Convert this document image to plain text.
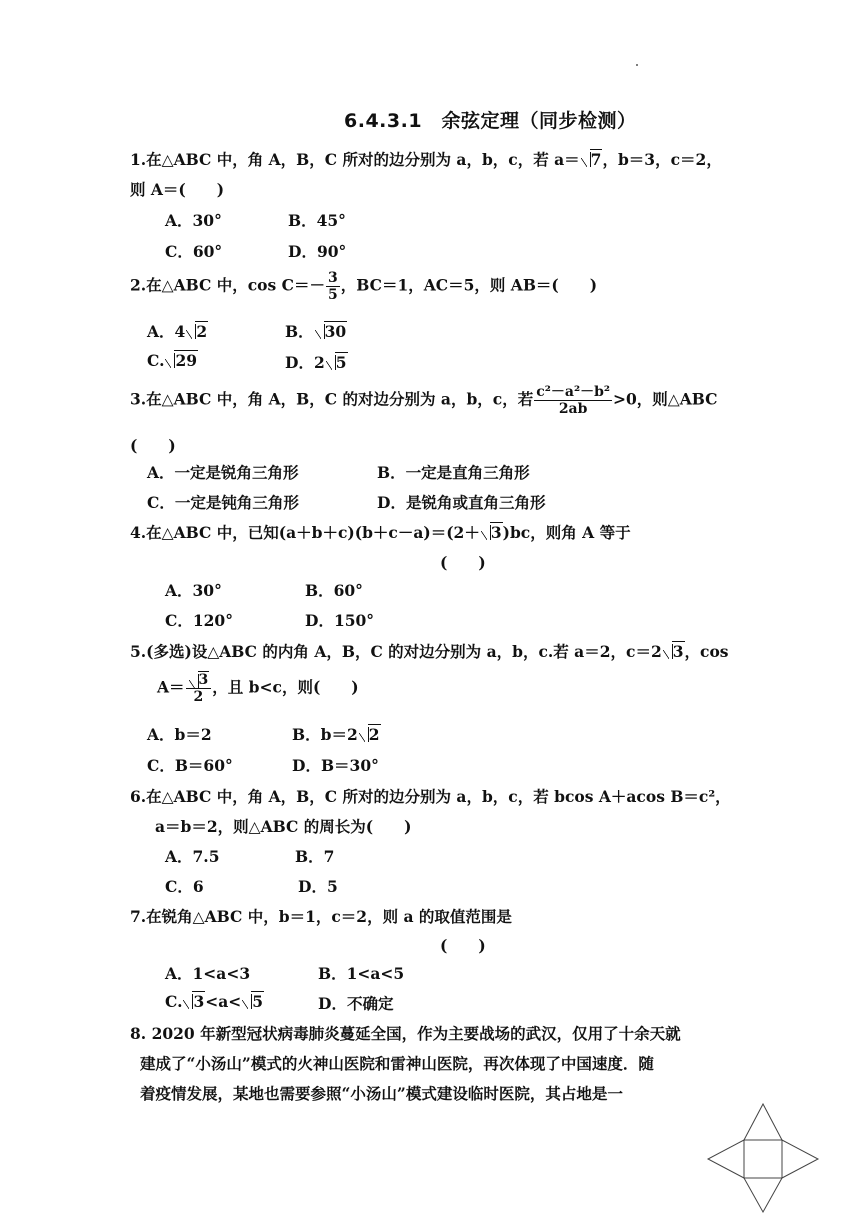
6.4.3.1　余弦定理（同步检测）
1.在△ABC 中，角 A，B，C 所对的边分别为 a，b，c，若 a＝ 7，b＝3，c＝2，
则 A＝(　　)
A．30°	B．45°
C．60°	D．90°
2.在△ABC 中，$\cos C=- \frac{3}{5}$ ，BC＝1，AC＝5，则 AB＝(　　)
A．4 2	B． 30
C. 29	D．2 5
3.在△ABC 中，角 A，B，C 的对边分别为 a，b，c，若 $\frac{\text{c²－a²－b²}}{2ab} >0$，则△ABC
(　　)
A．一定是锐角三角形	B．一定是直角三角形
C．一定是钝角三角形	D．是锐角或直角三角形
4.在△ABC 中，已知(a＋b＋c)(b＋c－a)＝(2＋ 3)bc，则角 A 等于
(　　)
A．30°	B．60°
C．120°	D．150°
5.(多选)设△ABC 的内角 A，B，C 的对边分别为 a，b，c.若 a＝2，c＝2 3，cos
$A= \frac{3}{2}$ ，且 b<c，则(　　)
A．b＝2	B．b＝2 2
C．B＝60°	D．B＝30°
6.在△ABC 中，角 A，B，C 所对的边分别为 a，b，c，若 bcos A＋acos B＝c²，
a＝b＝2，则△ABC 的周长为(　　)
A．7.5	B．7
C．6	D．5
7.在锐角△ABC 中，b＝1，c＝2，则 a 的取值范围是
(　　)
A．1<a<3	B．1<a<5
C. 3<a< 5	D．不确定
8. 2020 年新型冠状病毒肺炎蔓延全国，作为主要战场的武汉，仅用了十余天就
建成了“小汤山”模式的火神山医院和雷神山医院，再次体现了中国速度．随
着疫情发展，某地也需要参照“小汤山”模式建设临时医院，其占地是一
